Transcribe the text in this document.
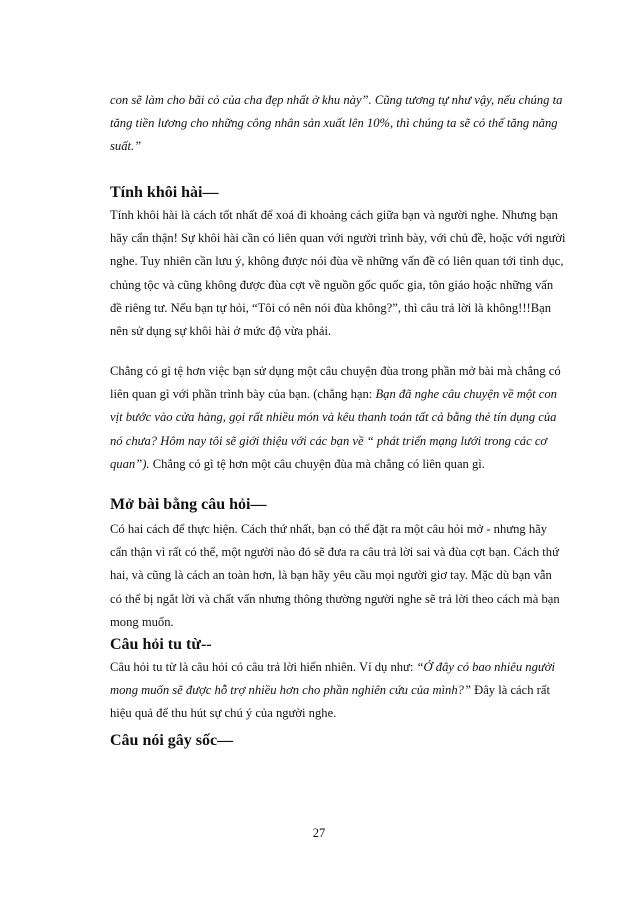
con sẽ làm cho bãi cỏ của cha đẹp nhất ở khu này”. Cũng tương tự như vậy, nếu chúng ta

tăng tiền lương cho những công nhân sản xuất lên 10%, thì chúng ta sẽ có thể tăng năng

suất.”

Tính khôi hài—

Tính khôi hài là cách tốt nhất để xoá đi khoảng cách giữa bạn và người nghe. Nhưng bạn

hãy cẩn thận! Sự khôi hài cần có liên quan với người trình bày, với chủ đề, hoặc với người

nghe. Tuy nhiên cần lưu ý, không được nói đùa về những vấn đề có liên quan tới tình dục,

chủng tộc và cũng không được đùa cợt về nguồn gốc quốc gia, tôn giáo hoặc những vấn

đề riêng tư. Nếu bạn tự hỏi, “Tôi có nên nói đùa không?”, thì câu trả lời là không!!!Bạn

nên sử dụng sự khôi hài ở mức độ vừa phải.

Chẳng có gì tệ hơn việc bạn sử dụng một câu chuyện đùa trong phần mở bài mà chẳng có

liên quan gì với phần trình bày của bạn. (chẳng hạn: Bạn đã nghe câu chuyện về một con

vịt bước vào cửa hàng, gọi rất nhiều món và kêu thanh toán tất cả bằng thẻ tín dụng của

nó chưa? Hôm nay tôi sẽ giới thiệu với các bạn về “ phát triển mạng lưới trong các cơ

quan”). Chẳng có gì tệ hơn một câu chuyện đùa mà chẳng có liên quan gì.

Mở bài bằng câu hỏi—

Có hai cách để thực hiện. Cách thứ nhất, bạn có thể đặt ra một câu hỏi mở - nhưng hãy

cẩn thận vì rất có thể, một người nào đó sẽ đưa ra câu trả lời sai và đùa cợt bạn. Cách thứ

hai, và cũng là cách an toàn hơn, là bạn hãy yêu cầu mọi người giơ tay. Mặc dù bạn vẫn

có thể bị ngắt lời và chất vấn nhưng thông thường người nghe sẽ trả lời theo cách mà bạn

mong muốn.

Câu hỏi tu từ--

Câu hỏi tu từ là câu hỏi có câu trả lời hiển nhiên. Ví dụ như: “Ở đây có bao nhiêu người

mong muốn sẽ được hỗ trợ nhiều hơn cho phần nghiên cứu của mình?” Đây là cách rất

hiệu quả để thu hút sự chú ý của người nghe.

Câu nói gây sốc—
27
